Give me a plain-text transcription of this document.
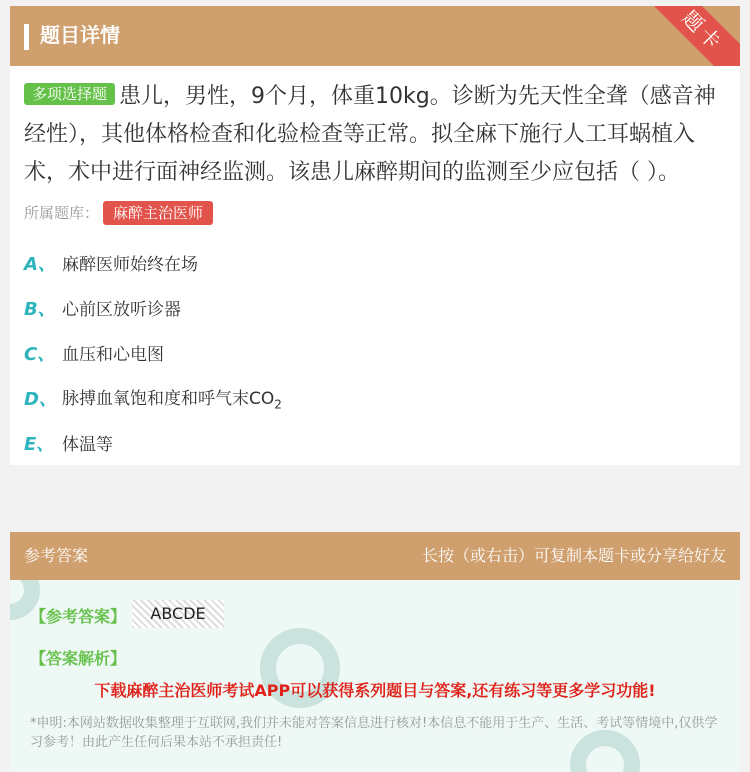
题目详情	题卡
多项选择题 患儿，男性，9个月，体重10kg。诊断为先天性全聋（感音神经性），其他体格检查和化验检查等正常。拟全麻下施行人工耳蜗植入术，术中进行面神经监测。该患儿麻醉期间的监测至少应包括（ ）。
所属题库： 麻醉主治医师
A、 麻醉医师始终在场
B、 心前区放听诊器
C、 血压和心电图
D、 脉搏血氧饱和度和呼气末$CO_2$
E、 体温等
参考答案	长按（或右击）可复制本题卡或分享给好友
【参考答案】	ABCDE
【答案解析】
下载麻醉主治医师考试APP可以获得系列题目与答案,还有练习等更多学习功能!
*申明:本网站数据收集整理于互联网,我们并未能对答案信息进行核对!本信息不能用于生产、生活、考试等情境中,仅供学习参考！由此产生任何后果本站不承担责任!
